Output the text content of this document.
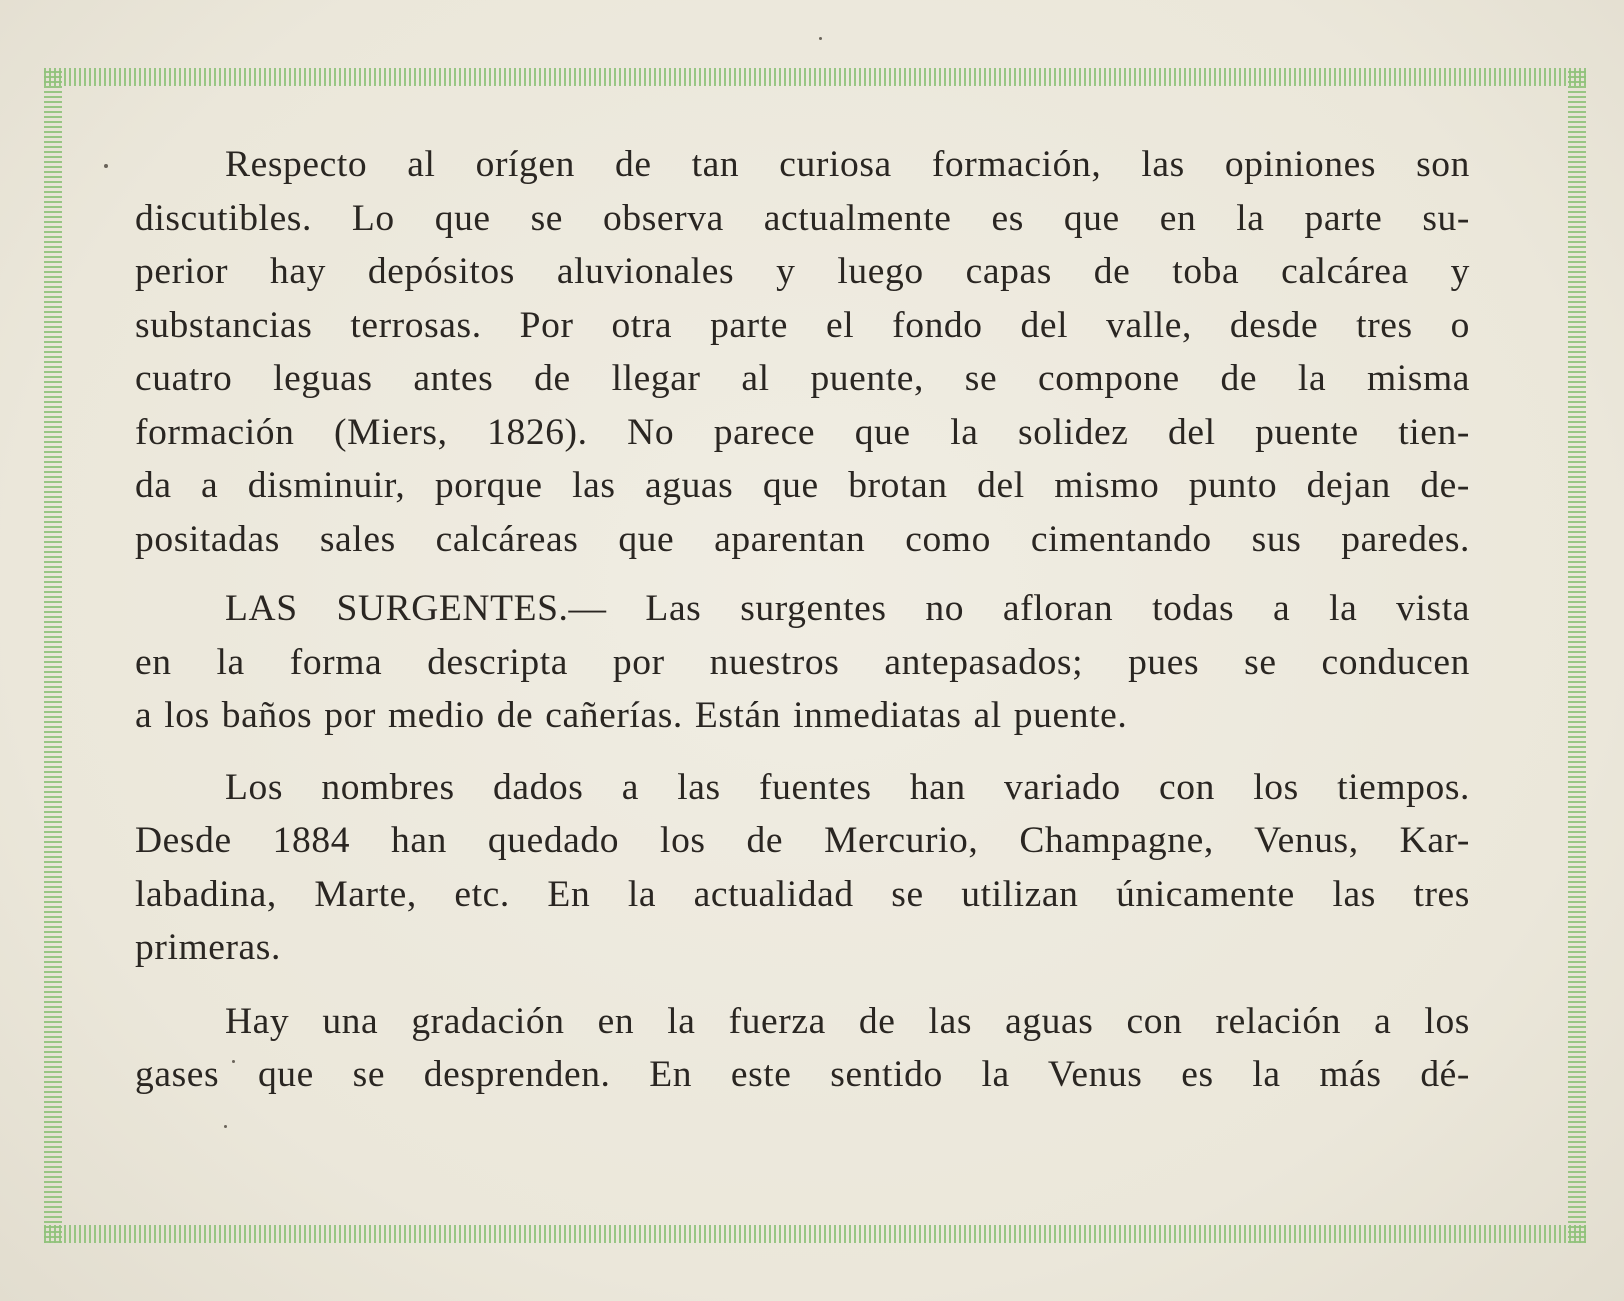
Respecto al orígen de tan curiosa formación, las opiniones son
discutibles. Lo que se observa actualmente es que en la parte su-
perior hay depósitos aluvionales y luego capas de toba calcárea y
substancias terrosas. Por otra parte el fondo del valle, desde tres o
cuatro leguas antes de llegar al puente, se compone de la misma
formación (Miers, 1826). No parece que la solidez del puente tien-
da a disminuir, porque las aguas que brotan del mismo punto dejan de-
positadas sales calcáreas que aparentan como cimentando sus paredes.
LAS SURGENTES.— Las surgentes no afloran todas a la vista
en la forma descripta por nuestros antepasados; pues se conducen
a los baños por medio de cañerías. Están inmediatas al puente.
Los nombres dados a las fuentes han variado con los tiempos.
Desde 1884 han quedado los de Mercurio, Champagne, Venus, Kar-
labadina, Marte, etc. En la actualidad se utilizan únicamente las tres
primeras.
Hay una gradación en la fuerza de las aguas con relación a los
gases que se desprenden. En este sentido la Venus es la más dé-
